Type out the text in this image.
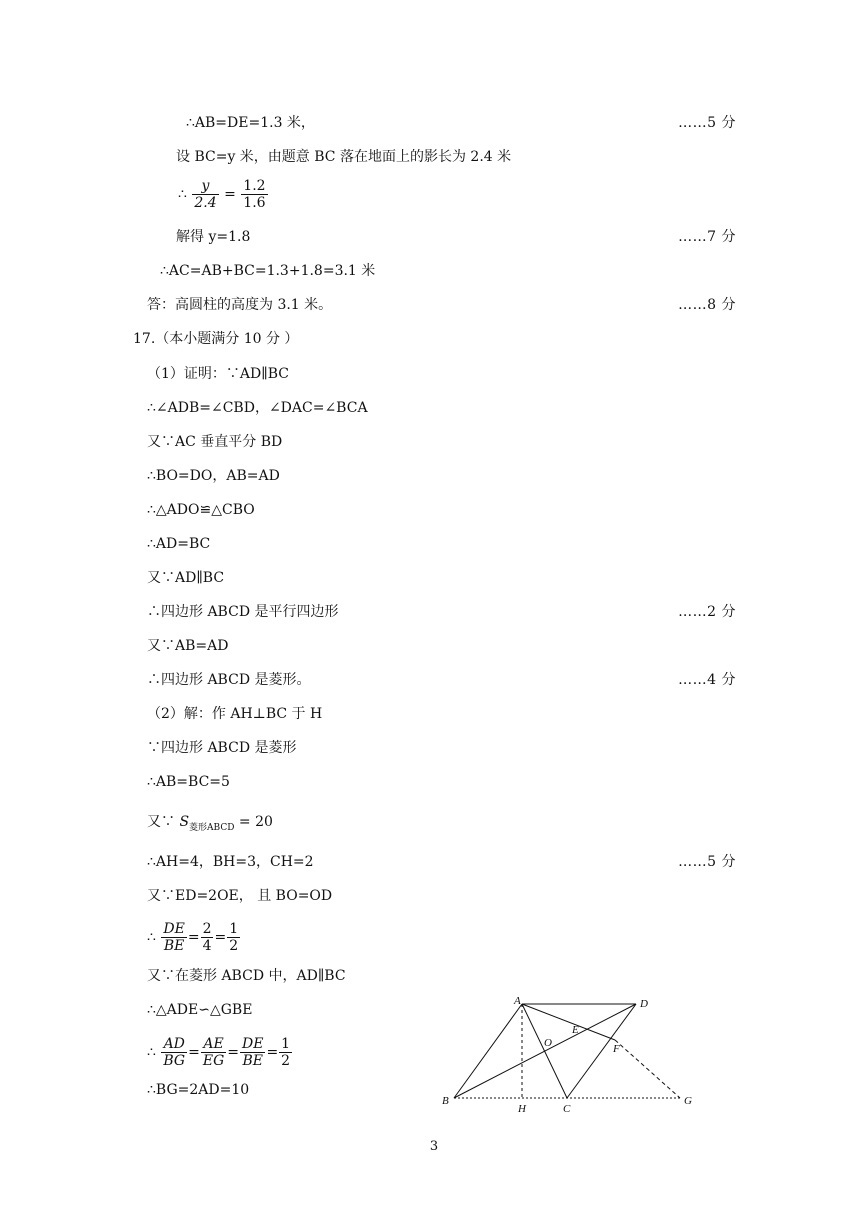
∴AB=DE=1.3 米，	……5 分
设 BC=y 米，由题意 BC 落在地面上的影长为 2.4 米
∴ $\frac{y}{2.4} = \frac{1.2}{1.6}$
解得 y=1.8	……7 分
∴AC=AB+BC=1.3+1.8=3.1 米
答：高圆柱的高度为 3.1 米。	……8 分
17.（本小题满分 10 分 ）
（1）证明：∵AD∥BC
∴∠ADB=∠CBD，∠DAC=∠BCA
又∵AC 垂直平分 BD
∴BO=DO，AB=AD
∴△ADO≌△CBO
∴AD=BC
又∵AD∥BC
∴四边形 ABCD 是平行四边形	……2 分
又∵AB=AD
∴四边形 ABCD 是菱形。	……4 分
（2）解：作 AH⊥BC 于 H
∵四边形 ABCD 是菱形
∴AB=BC=5
又∵ $S_{菱形ABCD} = 20$
∴AH=4，BH=3，CH=2	……5 分
又∵ED=2OE， 且 BO=OD
∴ $\frac{DE}{BE} = \frac{2}{4} = \frac{1}{2}$
又∵在菱形 ABCD 中，AD∥BC
∴△ADE∽△GBE
∴ $\frac{AD}{BG} = \frac{AE}{EG} = \frac{DE}{BE} = \frac{1}{2}$
∴BG=2AD=10
A	D
B
H	C
G
O
E
F
3
